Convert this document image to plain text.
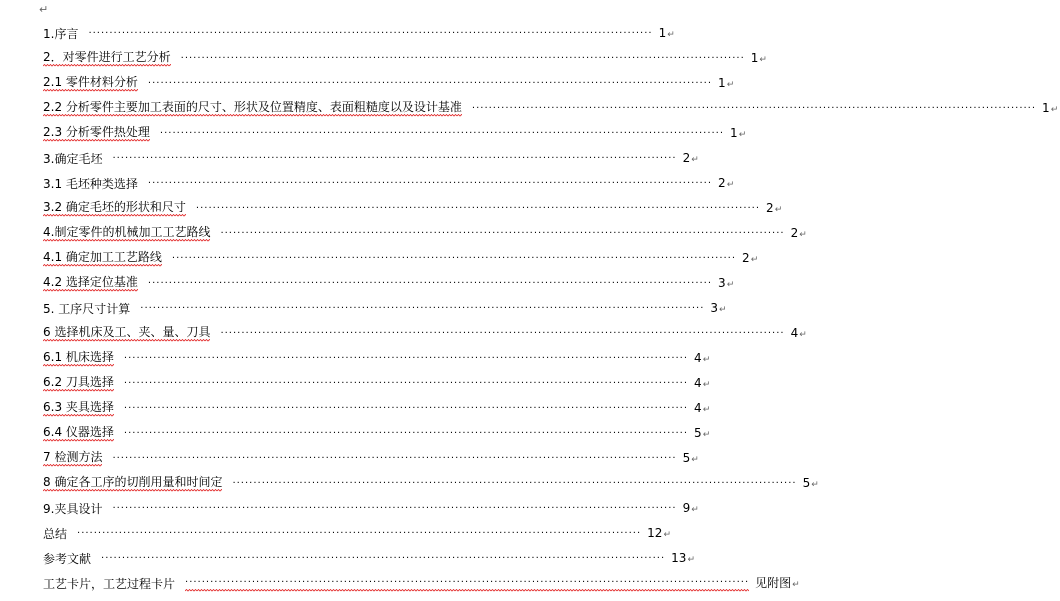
↵
1.序言 ······································································································································· 1↵
2．对零件进行工艺分析 ······································································································································· 1↵
2.1 零件材料分析 ······································································································································· 1↵
2.2 分析零件主要加工表面的尺寸、形状及位置精度、表面粗糙度以及设计基准 ······································································································································· 1↵
2.3 分析零件热处理 ······································································································································· 1↵
3.确定毛坯 ······································································································································· 2↵
3.1 毛坯种类选择 ······································································································································· 2↵
3.2 确定毛坯的形状和尺寸 ······································································································································· 2↵
4.制定零件的机械加工工艺路线 ······································································································································· 2↵
4.1 确定加工工艺路线 ······································································································································· 2↵
4.2 选择定位基准 ······································································································································· 3↵
5. 工序尺寸计算 ······································································································································· 3↵
6 选择机床及工、夹、量、刀具 ······································································································································· 4↵
6.1 机床选择 ······································································································································· 4↵
6.2 刀具选择 ······································································································································· 4↵
6.3 夹具选择 ······································································································································· 4↵
6.4 仪器选择 ······································································································································· 5↵
7 检测方法 ······································································································································· 5↵
8 确定各工序的切削用量和时间定 ······································································································································· 5↵
9.夹具设计 ······································································································································· 9↵
总结 ······································································································································· 12↵
参考文献 ······································································································································· 13↵
工艺卡片，工艺过程卡片 ······································································································································· 见附图↵
